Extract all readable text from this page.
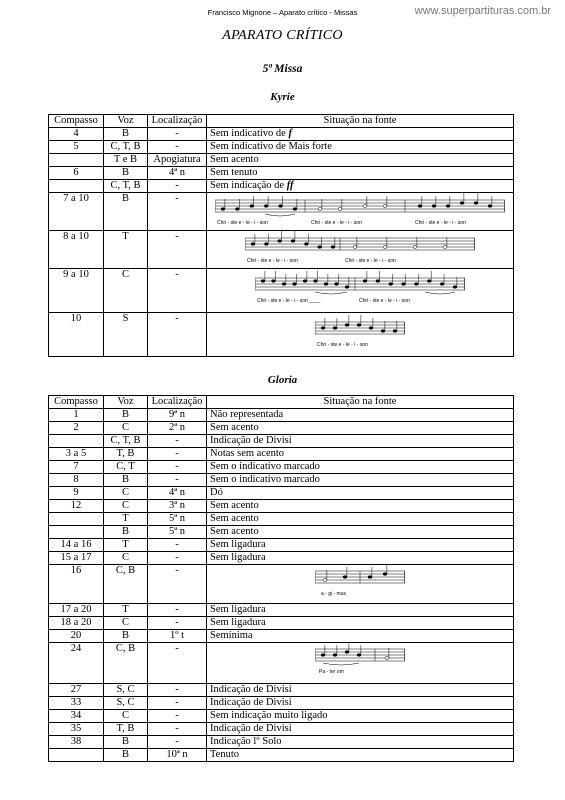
Francisco Mignone – Aparato crítico - Missas	www.superpartituras.com.br
APARATO CRÍTICO
5ª Missa
Kyrie
Compasso	Voz	Localização	Situação na fonte
4	B	-	Sem indicativo de f
5	C, T, B	-	Sem indicativo de Mais forte
	T e B	Apogiatura	Sem acento
6	B	4ª n	Sem tenuto
	C, T, B	-	Sem indicação de ff
7 a 10	B	-	Chri - ste e - le - i - son Chri - ste e - le - i - son Chri - ste e - le - i - son

8 a 10	T	-	Chri - ste e - le - i - son Chri - ste e - le - i - son

9 a 10	C	-	Chri - ste e - le - i - son ____ Chri - ste e - le - i - son

10	S	-	Chri - ste e - le - i - son
Gloria
Compasso	Voz	Localização	Situação na fonte
1	B	9ª n	Não representada
2	C	2ª n	Sem acento
	C, T, B	-	Indicação de Divisi
3 a 5	T, B	-	Notas sem acento
7	C, T	-	Sem o indicativo marcado
8	B	-	Sem o indicativo marcado
9	C	4ª n	Dó
12	C	3ª n	Sem acento
	T	5ª n	Sem acento
	B	5ª n	Sem acento
14 a 16	T	-	Sem ligadura
15 a 17	C	-	Sem ligadura
16	C, B	-	a - gi - mus

17 a 20	T	-	Sem ligadura
18 a 20	C	-	Sem ligadura
20	B	1º t	Semínima
24	C, B	-	Pa - ter om

27	S, C	-	Indicação de Divisi
33	S, C	-	Indicação de Divisi
34	C	-	Sem indicação muito ligado
35	T, B	-	Indicação de Divisi
38	B	-	Indicação lº Solo
	B	10ª n	Tenuto
